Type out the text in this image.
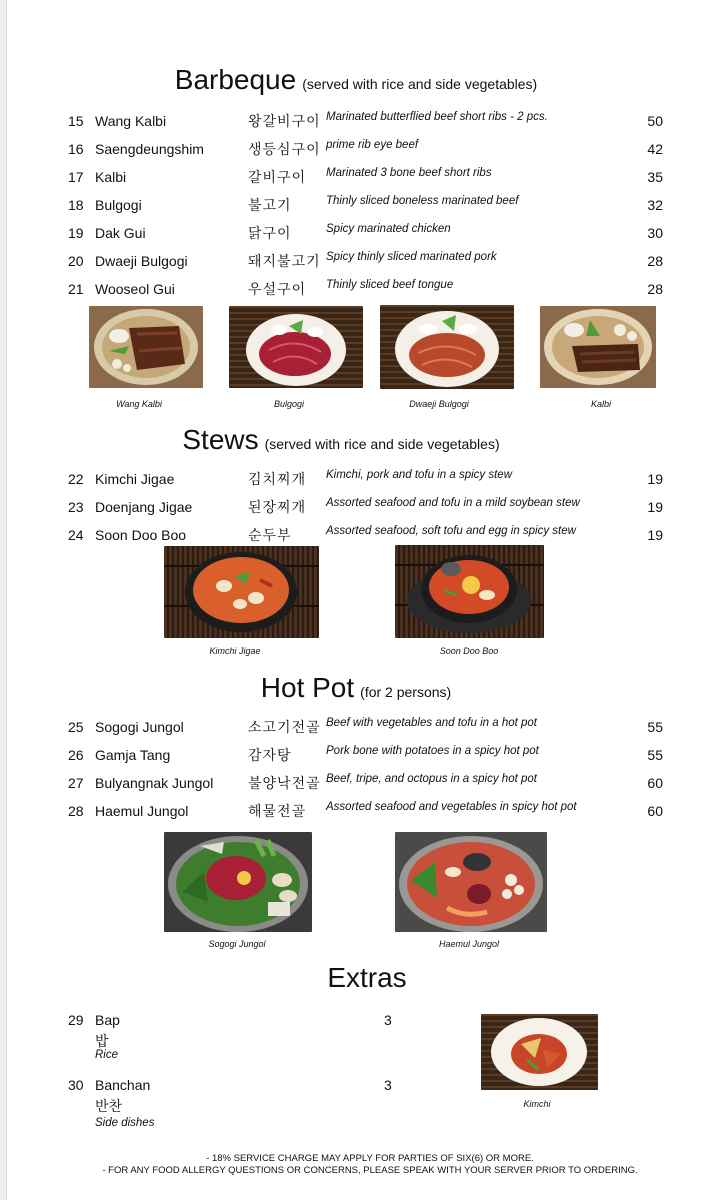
Barbeque (served with rice and side vegetables)
15 Wang Kalbi	왕갈비구이 Marinated butterflied beef short ribs - 2 pcs.	50
16 Saengdeungshim	생등심구이 prime rib eye beef	42
17 Kalbi	갈비구이 Marinated 3 bone beef short ribs	35
18 Bulgogi	불고기	Thinly sliced boneless marinated beef	32
19 Dak Gui	닭구이	Spicy marinated chicken	30
20 Dwaeji Bulgogi	돼지불고기 Spicy thinly sliced marinated pork	28
21 Wooseol Gui	우설구이 Thinly sliced beef tongue	28
Wang Kalbi	Bulgogi	Dwaeji Bulgogi	Kalbi
Stews (served with rice and side vegetables)
22 Kimchi Jigae	김치찌개 Kimchi, pork and tofu in a spicy stew	19
23 Doenjang Jigae	된장찌개 Assorted seafood and tofu in a mild soybean stew	19
24 Soon Doo Boo	순두부	Assorted seafood, soft tofu and egg in spicy stew	19
Kimchi Jigae	Soon Doo Boo
Hot Pot (for 2 persons)
25 Sogogi Jungol	소고기전골 Beef with vegetables and tofu in a hot pot	55
26 Gamja Tang	감자탕	Pork bone with potatoes in a spicy hot pot	55
27 Bulyangnak Jungol 불양낙전골 Beef, tripe, and octopus in a spicy hot pot	60
28 Haemul Jungol	해물전골 Assorted seafood and vegetables in spicy hot pot	60
Sogogi Jungol	Haemul Jungol
Extras
29 Bap
밥
Rice
3
30 Banchan
반찬
Side dishes
3
Kimchi
- 18% SERVICE CHARGE MAY APPLY FOR PARTIES OF SIX(6) OR MORE.
- FOR ANY FOOD ALLERGY QUESTIONS OR CONCERNS, PLEASE SPEAK WITH YOUR SERVER PRIOR TO ORDERING.
